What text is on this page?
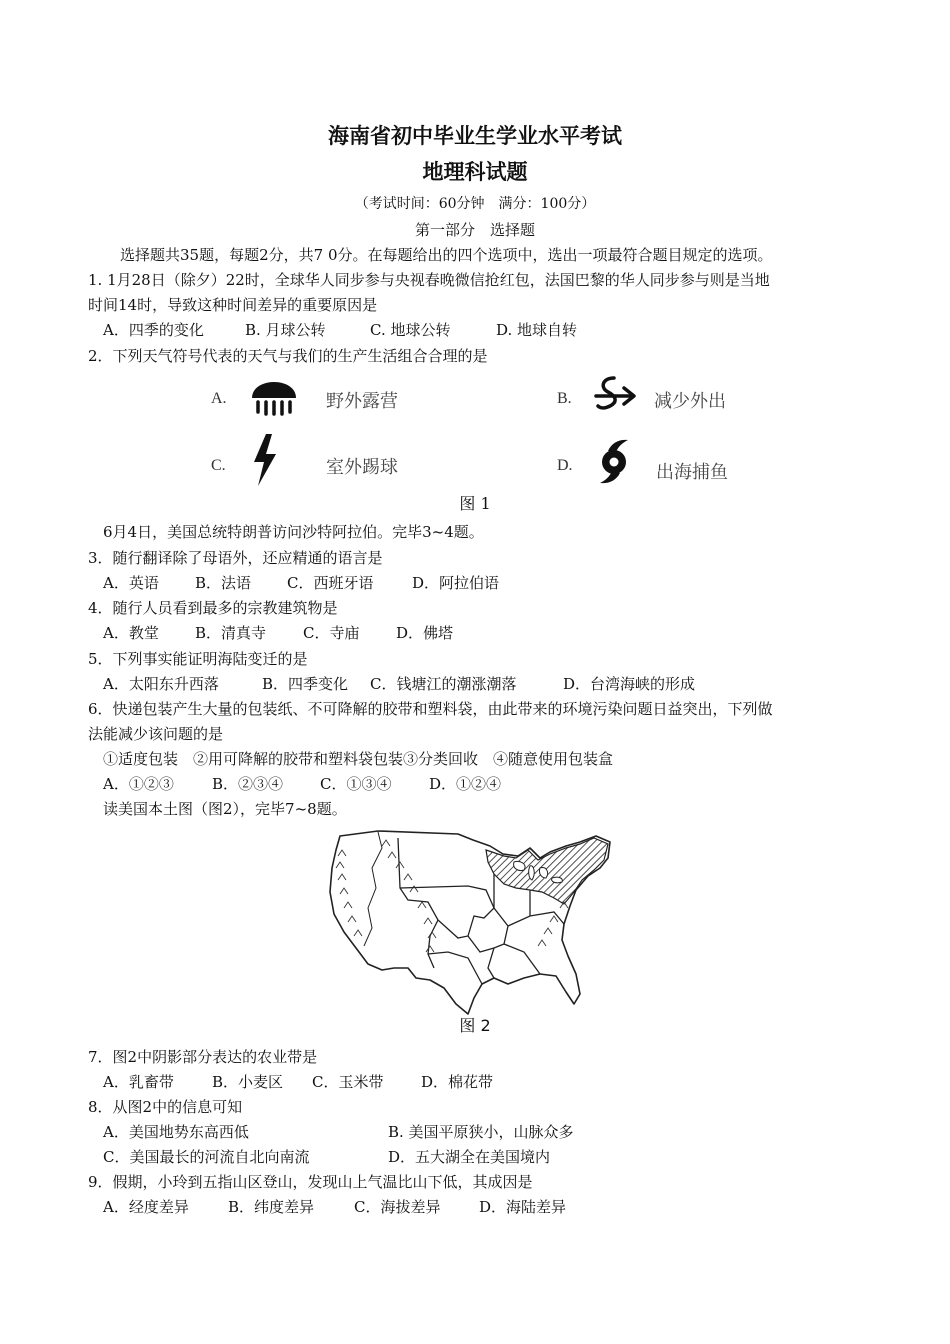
海南省初中毕业生学业水平考试
地理科试题
（考试时间：60分钟　满分：100分）
第一部分　选择题
选择题共35题，每题2分，共7 0分。在每题给出的四个选项中，选出一项最符合题目规定的选项。
1. 1月28日（除夕）22时，全球华人同步参与央视春晚微信抢红包，法国巴黎的华人同步参与则是当地
时间14时，导致这种时间差异的重要原因是
A．四季的变化	B. 月球公转	C. 地球公转	D. 地球自转
2．下列天气符号代表的天气与我们的生产生活组合合理的是
A.	野外露营	B.	减少外出
C.	室外踢球	D.	出海捕鱼
图 1
6月4日，美国总统特朗普访问沙特阿拉伯。完毕3~4题。
3．随行翻译除了母语外，还应精通的语言是
A．英语 B．法语 C．西班牙语	D．阿拉伯语
4．随行人员看到最多的宗教建筑物是
A．教堂 B．清真寺 C．寺庙 D．佛塔
5．下列事实能证明海陆变迁的是
A．太阳东升西落	B．四季变化 C．钱塘江的潮涨潮落	D．台湾海峡的形成
6．快递包装产生大量的包装纸、不可降解的胶带和塑料袋，由此带来的环境污染问题日益突出，下列做
法能减少该问题的是
①适度包装　②用可降解的胶带和塑料袋包装③分类回收　④随意使用包装盒
A．①②③	B．②③④ C．①③④	D．①②④
读美国本土图（图2），完毕7~8题。
图 2
7．图2中阴影部分表达的农业带是
A．乳畜带	B．小麦区 C．玉米带	D．棉花带
8．从图2中的信息可知
A．美国地势东高西低	B. 美国平原狭小，山脉众多
C．美国最长的河流自北向南流	D．五大湖全在美国境内
9．假期，小玲到五指山区登山，发现山上气温比山下低，其成因是
A．经度差异	B．纬度差异	C．海拔差异	D．海陆差异
